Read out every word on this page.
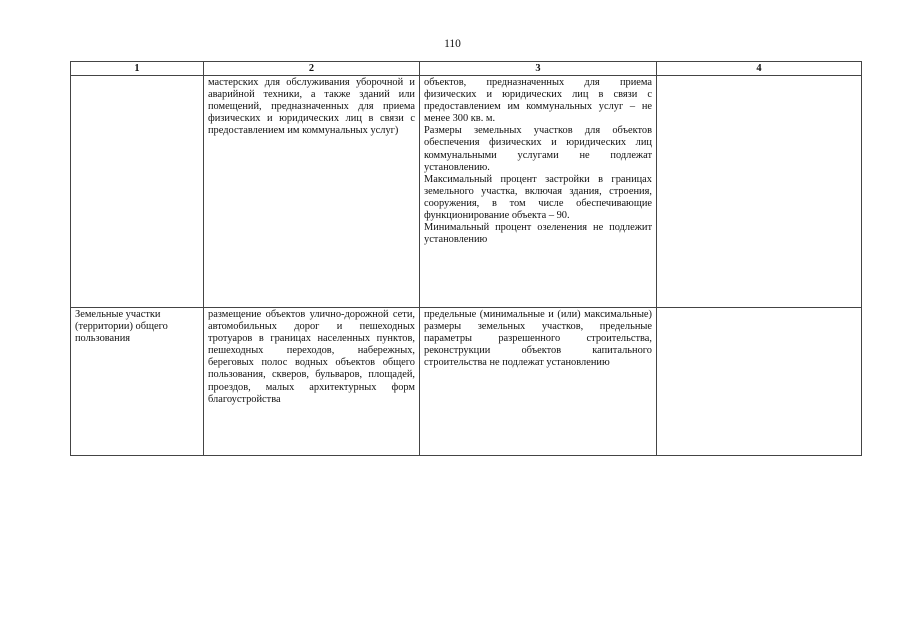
110
1	2	3	4

	мастерских для обслуживания уборочной и аварийной техники, а также зданий или помещений, предназначенных для приема физических и юридических лиц в связи с предоставлением им коммунальных услуг)	объектов, предназначенных для приема физических и юридических лиц в связи с предоставлением им коммунальных услуг – не менее 300 кв. м.
Размеры земельных участков для объектов обеспечения физических и юридических лиц коммунальными услугами не подлежат установлению.
Максимальный процент застройки в границах земельного участка, включая здания, строения, сооружения, в том числе обеспечивающие функционирование объекта – 90.
Минимальный процент озеленения не подлежит установлению	

Земельные участки (территории) общего пользования	размещение объектов улично-дорожной сети, автомобильных дорог и пешеходных тротуаров в границах населенных пунктов, пешеходных переходов, набережных, береговых полос водных объектов общего пользования, скверов, бульваров, площадей, проездов, малых архитектурных форм благоустройства	предельные (минимальные и (или) максимальные) размеры земельных участков, предельные параметры разрешенного строительства, реконструкции объектов капитального строительства не подлежат установлению	
